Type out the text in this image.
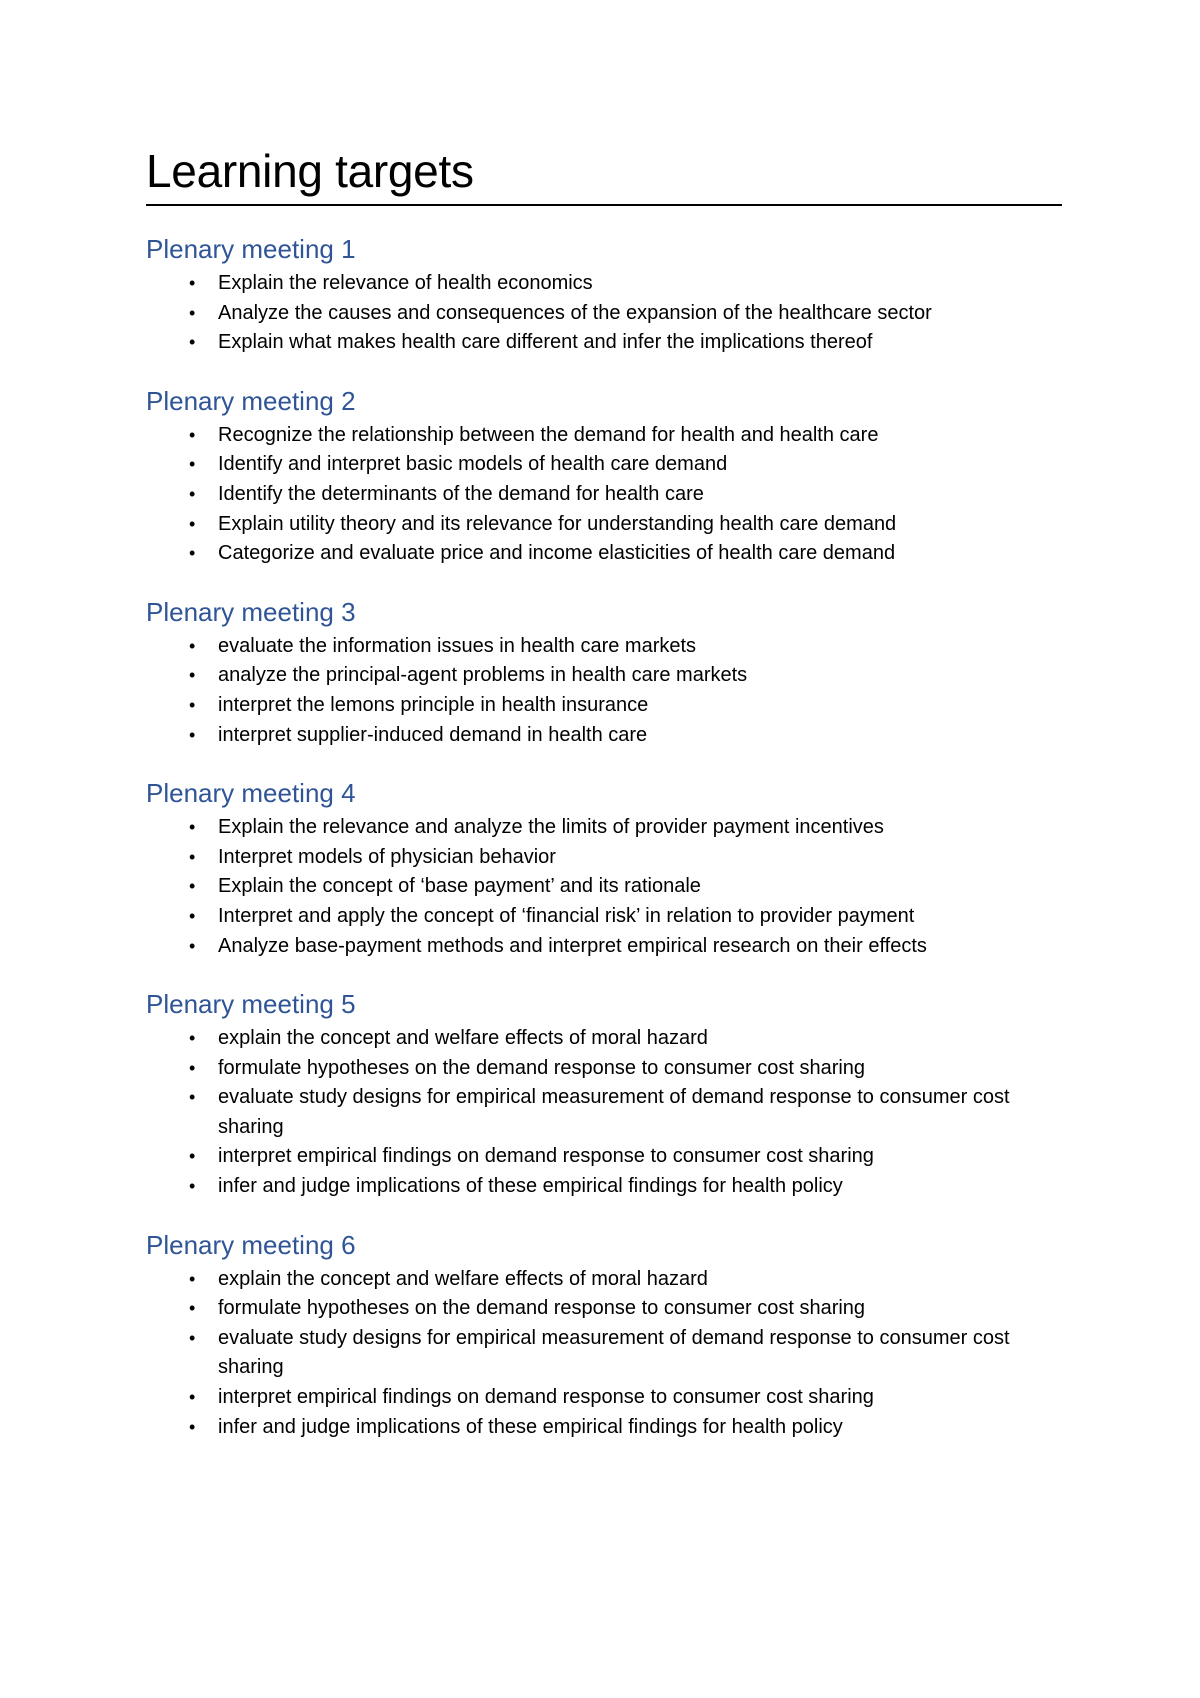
Learning targets
Plenary meeting 1
• Explain the relevance of health economics
• Analyze the causes and consequences of the expansion of the healthcare sector
• Explain what makes health care different and infer the implications thereof
Plenary meeting 2
• Recognize the relationship between the demand for health and health care
• Identify and interpret basic models of health care demand
• Identify the determinants of the demand for health care
• Explain utility theory and its relevance for understanding health care demand
• Categorize and evaluate price and income elasticities of health care demand
Plenary meeting 3
• evaluate the information issues in health care markets
• analyze the principal-agent problems in health care markets
• interpret the lemons principle in health insurance
• interpret supplier-induced demand in health care
Plenary meeting 4
• Explain the relevance and analyze the limits of provider payment incentives
• Interpret models of physician behavior
• Explain the concept of ‘base payment’ and its rationale
• Interpret and apply the concept of ‘financial risk’ in relation to provider payment
• Analyze base-payment methods and interpret empirical research on their effects
Plenary meeting 5
• explain the concept and welfare effects of moral hazard
• formulate hypotheses on the demand response to consumer cost sharing
• evaluate study designs for empirical measurement of demand response to consumer cost sharing
• interpret empirical findings on demand response to consumer cost sharing
• infer and judge implications of these empirical findings for health policy
Plenary meeting 6
• explain the concept and welfare effects of moral hazard
• formulate hypotheses on the demand response to consumer cost sharing
• evaluate study designs for empirical measurement of demand response to consumer cost sharing
• interpret empirical findings on demand response to consumer cost sharing
• infer and judge implications of these empirical findings for health policy
